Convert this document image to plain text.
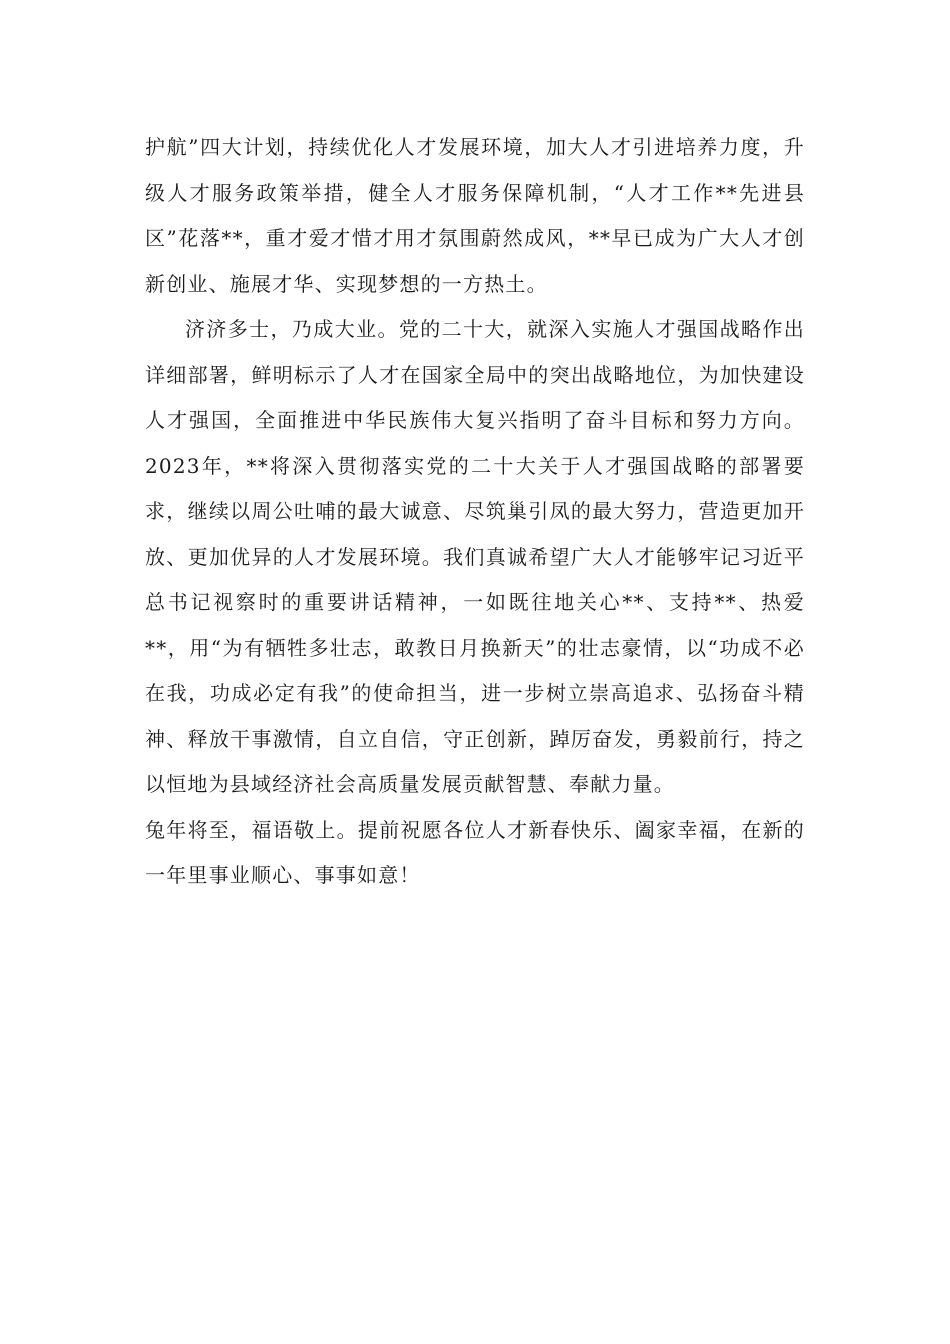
护航”四大计划，持续优化人才发展环境，加大人才引进培养力度，升级人才服务政策举措，健全人才服务保障机制，“人才工作**先进县区”花落**，重才爱才惜才用才氛围蔚然成风，**早已成为广大人才创新创业、施展才华、实现梦想的一方热土。

济济多士，乃成大业。党的二十大，就深入实施人才强国战略作出详细部署，鲜明标示了人才在国家全局中的突出战略地位，为加快建设人才强国，全面推进中华民族伟大复兴指明了奋斗目标和努力方向。2023年，**将深入贯彻落实党的二十大关于人才强国战略的部署要求，继续以周公吐哺的最大诚意、尽筑巢引凤的最大努力，营造更加开放、更加优异的人才发展环境。我们真诚希望广大人才能够牢记习近平总书记视察时的重要讲话精神，一如既往地关心**、支持**、热爱**，用“为有牺牲多壮志，敢教日月换新天”的壮志豪情，以“功成不必在我，功成必定有我”的使命担当，进一步树立崇高追求、弘扬奋斗精神、释放干事激情，自立自信，守正创新，踔厉奋发，勇毅前行，持之以恒地为县域经济社会高质量发展贡献智慧、奉献力量。

兔年将至，福语敬上。提前祝愿各位人才新春快乐、阖家幸福，在新的一年里事业顺心、事事如意！
